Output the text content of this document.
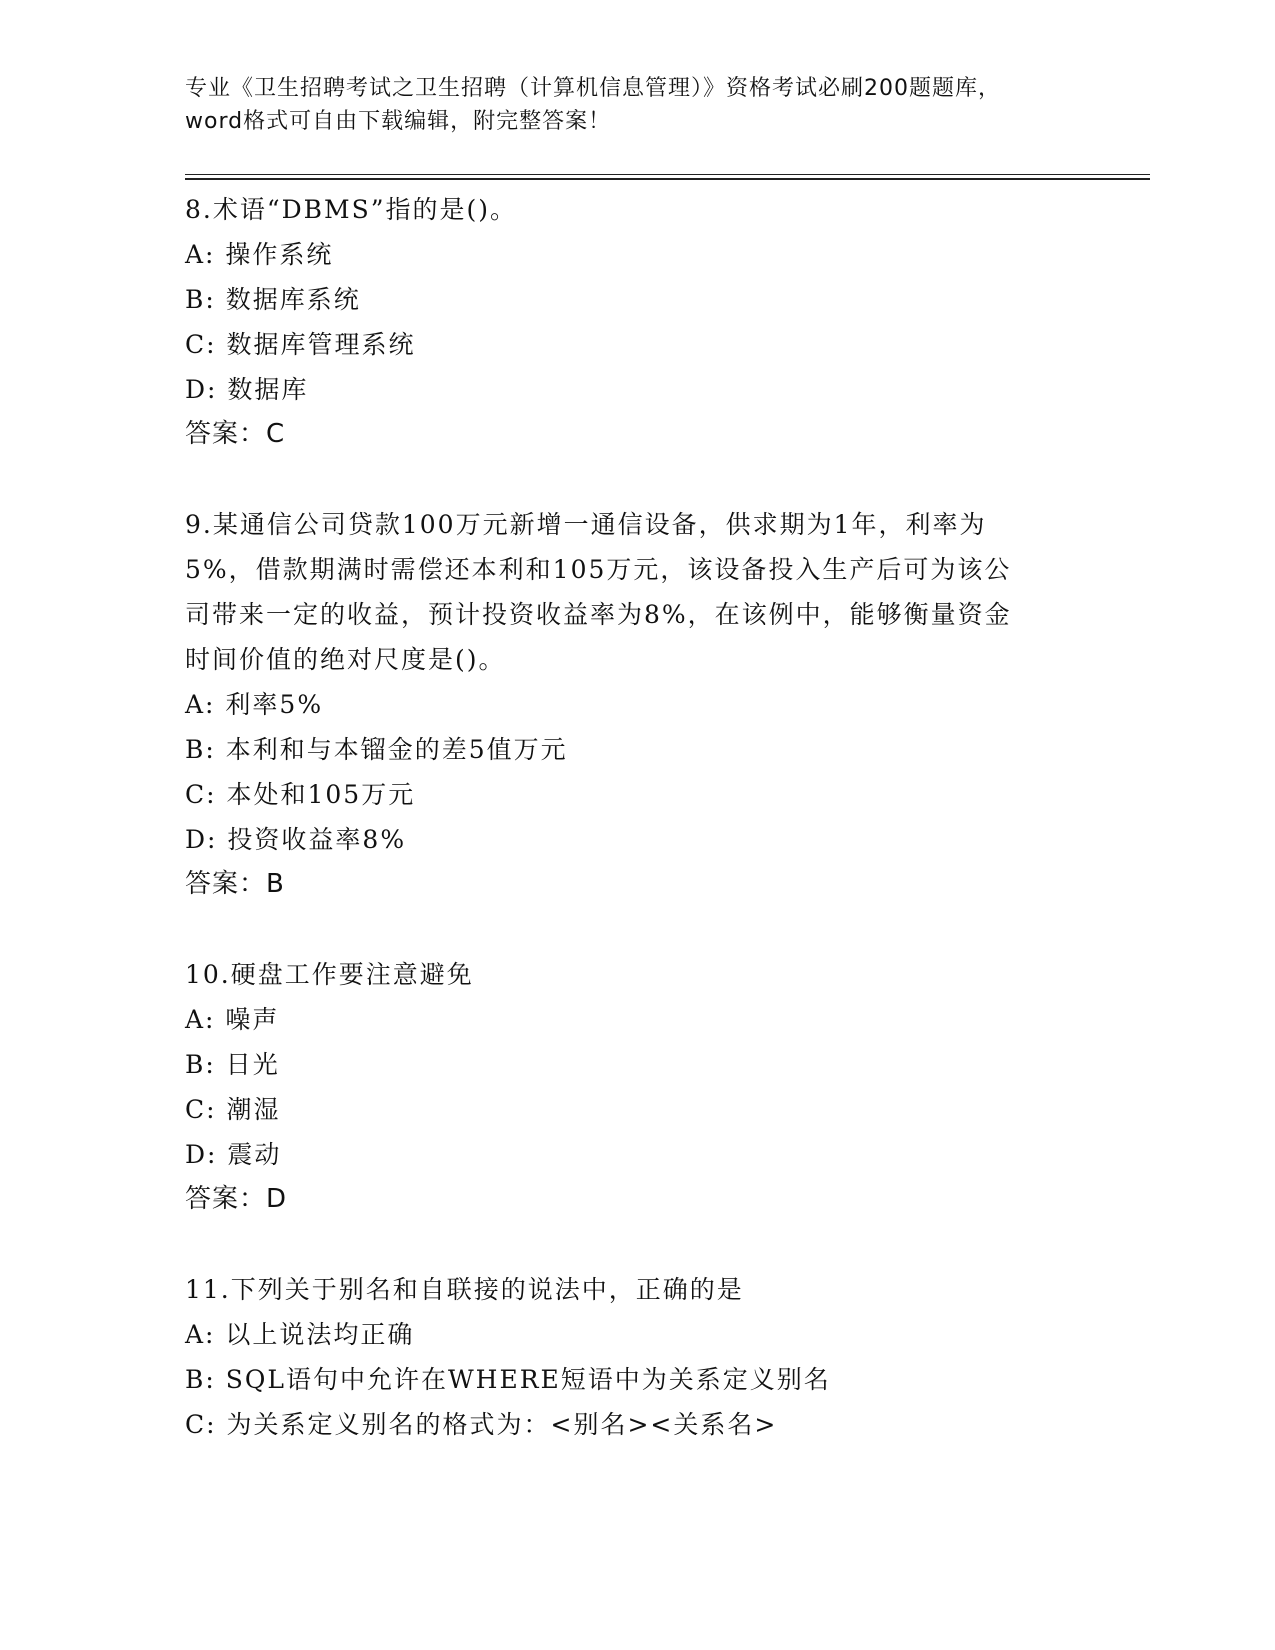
专业《卫生招聘考试之卫生招聘（计算机信息管理）》资格考试必刷200题题库，
word格式可自由下载编辑，附完整答案！
8.术语“DBMS”指的是()。
A: 操作系统
B: 数据库系统
C: 数据库管理系统
D: 数据库
答案：C
9.某通信公司贷款100万元新增一通信设备，供求期为1年，利率为
5%，借款期满时需偿还本利和105万元，该设备投入生产后可为该公
司带来一定的收益，预计投资收益率为8%，在该例中，能够衡量资金
时间价值的绝对尺度是()。
A: 利率5%
B: 本利和与本镏金的差5值万元
C: 本处和105万元
D: 投资收益率8%
答案：B
10.硬盘工作要注意避免
A: 噪声
B: 日光
C: 潮湿
D: 震动
答案：D
11.下列关于别名和自联接的说法中，正确的是
A: 以上说法均正确
B: SQL语句中允许在WHERE短语中为关系定义别名
C: 为关系定义别名的格式为：<别名><关系名>
